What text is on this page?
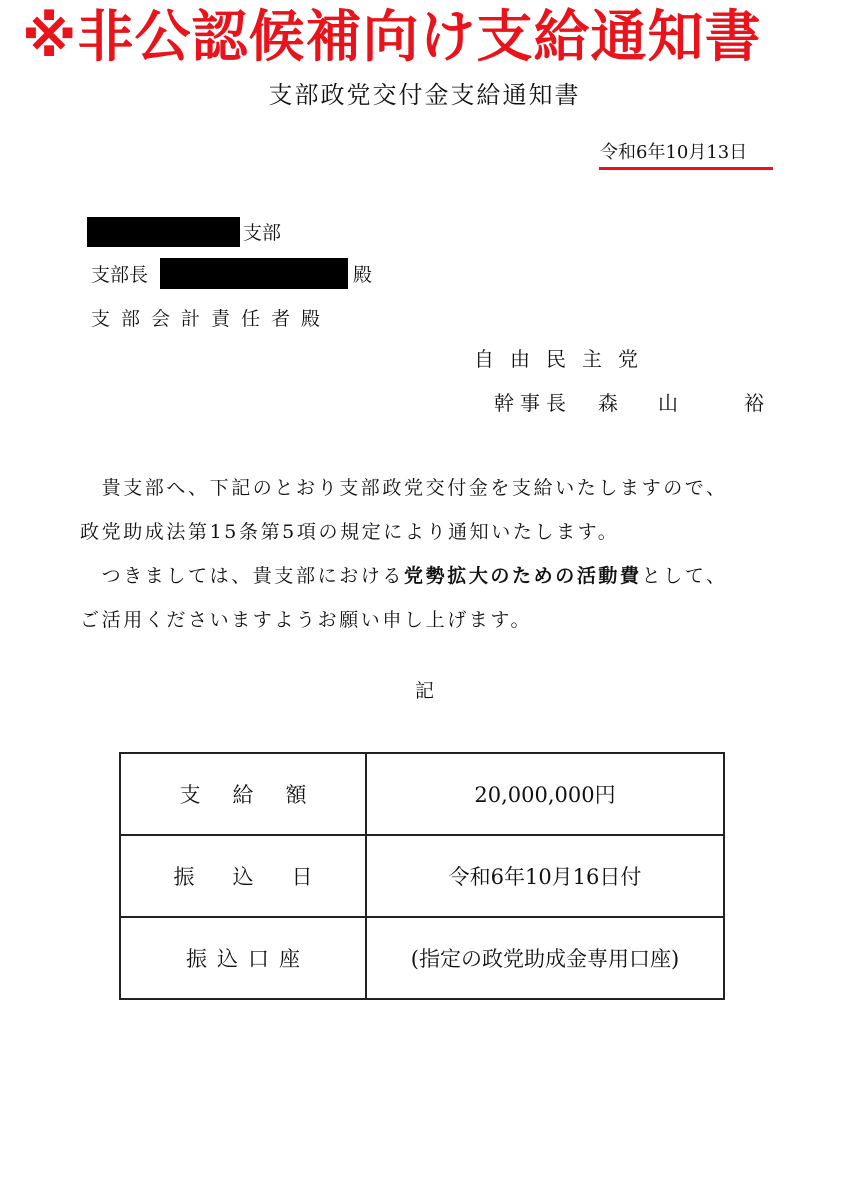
※非公認候補向け支給通知書
支部政党交付金支給通知書
令和6年10月13日
支部
支部長	殿
支部会計責任者殿
自由民主党
幹事長 森山 裕

　貴支部へ、下記のとおり支部政党交付金を支給いたしますので、

政党助成法第15条第5項の規定により通知いたします。

　つきましては、貴支部における党勢拡大のための活動費として、

ご活用くださいますようお願い申し上げます。

記
支給額	20,000,000円
振込日	令和6年10月16日付
振込口座	(指定の政党助成金専用口座)
